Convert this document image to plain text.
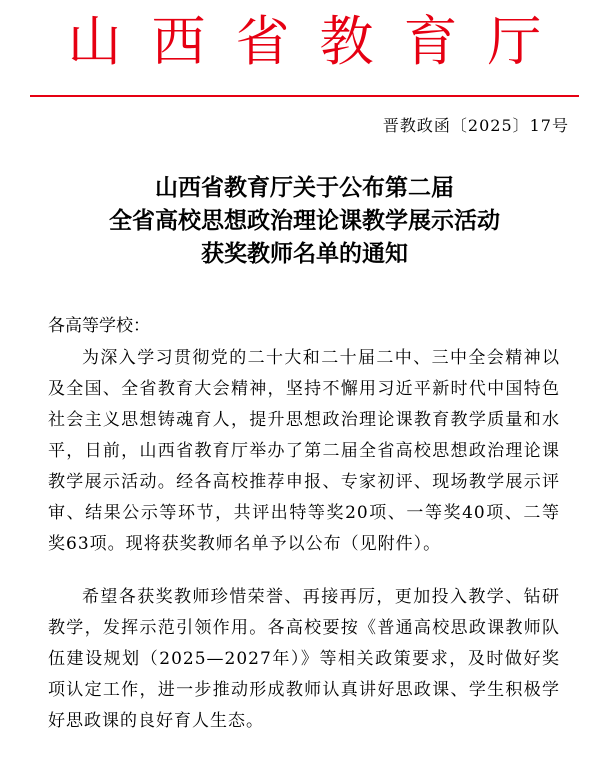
山西省教育厅
晋教政函〔2025〕17号
山西省教育厅关于公布第二届
全省高校思想政治理论课教学展示活动
获奖教师名单的通知
各高等学校：
为深入学习贯彻党的二十大和二十届二中、三中全会精神以及全国、全省教育大会精神，坚持不懈用习近平新时代中国特色社会主义思想铸魂育人，提升思想政治理论课教育教学质量和水平，日前，山西省教育厅举办了第二届全省高校思想政治理论课教学展示活动。经各高校推荐申报、专家初评、现场教学展示评审、结果公示等环节，共评出特等奖20项、一等奖40项、二等奖63项。现将获奖教师名单予以公布（见附件）。
希望各获奖教师珍惜荣誉、再接再厉，更加投入教学、钻研教学，发挥示范引领作用。各高校要按《普通高校思政课教师队伍建设规划（2025—2027年）》等相关政策要求，及时做好奖项认定工作，进一步推动形成教师认真讲好思政课、学生积极学好思政课的良好育人生态。
